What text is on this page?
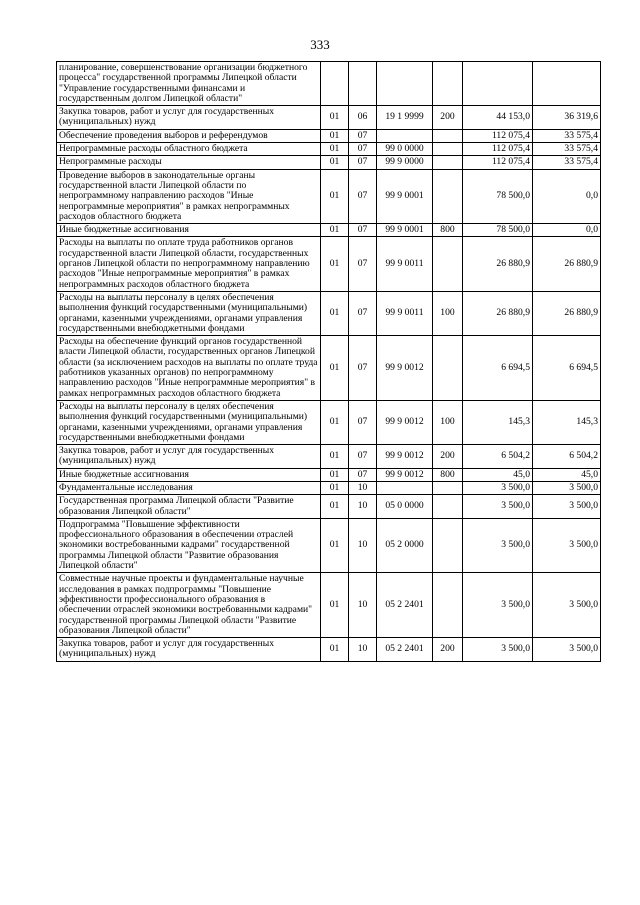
333
планирование, совершенствование организации бюджетного процесса" государственной программы Липецкой области "Управление государственными финансами и государственным долгом Липецкой области"						
Закупка товаров, работ и услуг для государственных (муниципальных) нужд	01	06	19 1 9999	200	44 153,0	36 319,6
Обеспечение проведения выборов и референдумов	01	07			112 075,4	33 575,4
Непрограммные расходы областного бюджета	01	07	99 0 0000		112 075,4	33 575,4
Непрограммные расходы	01	07	99 9 0000		112 075,4	33 575,4
Проведение выборов в законодательные органы государственной власти Липецкой области по непрограммному направлению расходов "Иные непрограммные мероприятия" в рамках непрограммных расходов областного бюджета	01	07	99 9 0001		78 500,0	0,0
Иные бюджетные ассигнования	01	07	99 9 0001	800	78 500,0	0,0
Расходы на выплаты по оплате труда работников органов государственной власти Липецкой области, государственных органов Липецкой области по непрограммному направлению расходов "Иные непрограммные мероприятия" в рамках непрограммных расходов областного бюджета	01	07	99 9 0011		26 880,9	26 880,9
Расходы на выплаты персоналу в целях обеспечения выполнения функций государственными (муниципальными) органами, казенными учреждениями, органами управления государственными внебюджетными фондами	01	07	99 9 0011	100	26 880,9	26 880,9
Расходы на обеспечение функций органов государственной власти Липецкой области, государственных органов Липецкой области (за исключением расходов на выплаты по оплате труда работников указанных органов) по непрограммному направлению расходов "Иные непрограммные мероприятия" в рамках непрограммных расходов областного бюджета	01	07	99 9 0012		6 694,5	6 694,5
Расходы на выплаты персоналу в целях обеспечения выполнения функций государственными (муниципальными) органами, казенными учреждениями, органами управления государственными внебюджетными фондами	01	07	99 9 0012	100	145,3	145,3
Закупка товаров, работ и услуг для государственных (муниципальных) нужд	01	07	99 9 0012	200	6 504,2	6 504,2
Иные бюджетные ассигнования	01	07	99 9 0012	800	45,0	45,0
Фундаментальные исследования	01	10			3 500,0	3 500,0
Государственная программа Липецкой области "Развитие образования Липецкой области"	01	10	05 0 0000		3 500,0	3 500,0
Подпрограмма "Повышение эффективности профессионального образования в обеспечении отраслей экономики востребованными кадрами" государственной программы Липецкой области "Развитие образования Липецкой области"	01	10	05 2 0000		3 500,0	3 500,0
Совместные научные проекты и фундаментальные научные исследования в рамках подпрограммы "Повышение эффективности профессионального образования в обеспечении отраслей экономики востребованными кадрами" государственной программы Липецкой области "Развитие образования Липецкой области"	01	10	05 2 2401		3 500,0	3 500,0
Закупка товаров, работ и услуг для государственных (муниципальных) нужд	01	10	05 2 2401	200	3 500,0	3 500,0
